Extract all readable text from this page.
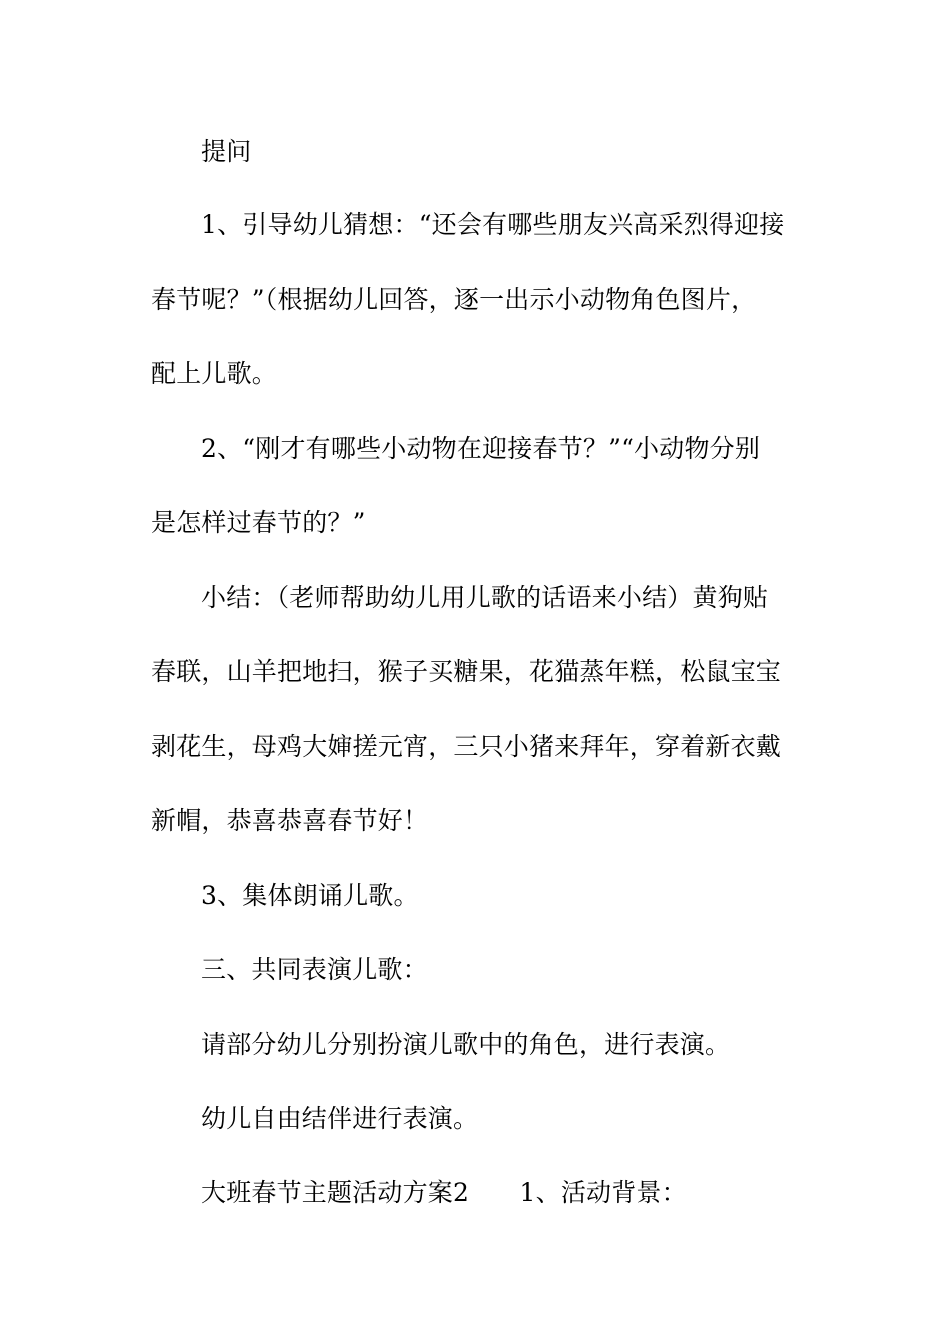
提问
1、引导幼儿猜想：“还会有哪些朋友兴高采烈得迎接
春节呢？”（根据幼儿回答，逐一出示小动物角色图片，
配上儿歌。
2、“刚才有哪些小动物在迎接春节？”“小动物分别
是怎样过春节的？”
小结：（老师帮助幼儿用儿歌的话语来小结）黄狗贴
春联，山羊把地扫，猴子买糖果，花猫蒸年糕，松鼠宝宝
剥花生，母鸡大婶搓元宵，三只小猪来拜年，穿着新衣戴
新帽，恭喜恭喜春节好！
3、集体朗诵儿歌。
三、共同表演儿歌：
请部分幼儿分别扮演儿歌中的角色，进行表演。
幼儿自由结伴进行表演。
大班春节主题活动方案2　　1、活动背景：
